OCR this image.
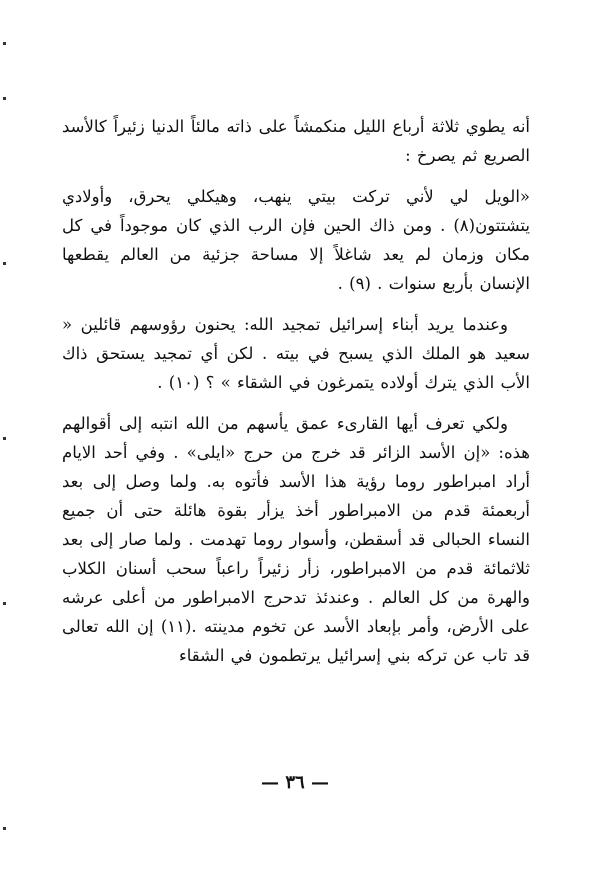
أنه يطوي ثلاثة أرباع الليل منكمشاً على ذاته مالئاً الدنيا زئيراً كالأسد الصريع ثم يصرخ :

«الويل لي لأني تركت بيتي ينهب، وهيكلي يحرق، وأولادي يتشتتون(٨) . ومن ذاك الحين فإن الرب الذي كان موجوداً في كل مكان وزمان لم يعد شاغلاً إلا مساحة جزئية من العالم يقطعها الإنسان بأربع سنوات . (٩) .

وعندما يريد أبناء إسرائيل تمجيد الله: يحنون رؤوسهم قائلين « سعيد هو الملك الذي يسبح في بيته . لكن أي تمجيد يستحق ذاك الأب الذي يترك أولاده يتمرغون في الشقاء » ؟ (١٠) .

ولكي تعرف أيها القارىء عمق يأسهم من الله انتبه إلى أقوالهم هذه: «إن الأسد الزائر قد خرج من حرج «ايلى» . وفي أحد الايام أراد امبراطور روما رؤية هذا الأسد فأتوه به. ولما وصل إلى بعد أربعمئة قدم من الامبراطور أخذ يزأر بقوة هائلة حتى أن جميع النساء الحبالى قد أسقطن، وأسوار روما تهدمت . ولما صار إلى بعد ثلاثمائة قدم من الامبراطور، زأر زئيراً راعباً سحب أسنان الكلاب والهرة من كل العالم . وعندئذ تدحرج الامبراطور من أعلى عرشه على الأرض، وأمر بإبعاد الأسد عن تخوم مدينته .(١١) إن الله تعالى قد تاب عن تركه بني إسرائيل يرتطمون في الشقاء

— ٣٦ —
